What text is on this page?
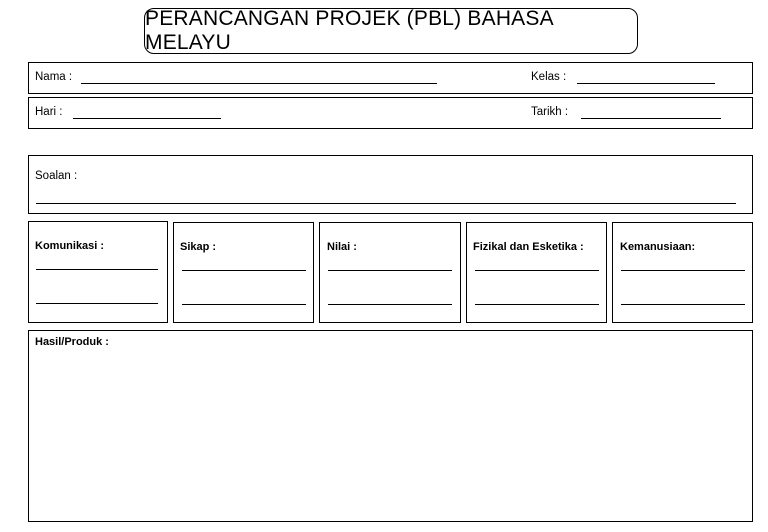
PERANCANGAN PROJEK (PBL) BAHASA MELAYU
Nama :	Kelas :
Hari :	Tarikh :
Soalan :
Komunikasi :	Sikap :	Nilai :	Fizikal dan Esketika :	Kemanusiaan:
Hasil/Produk :
